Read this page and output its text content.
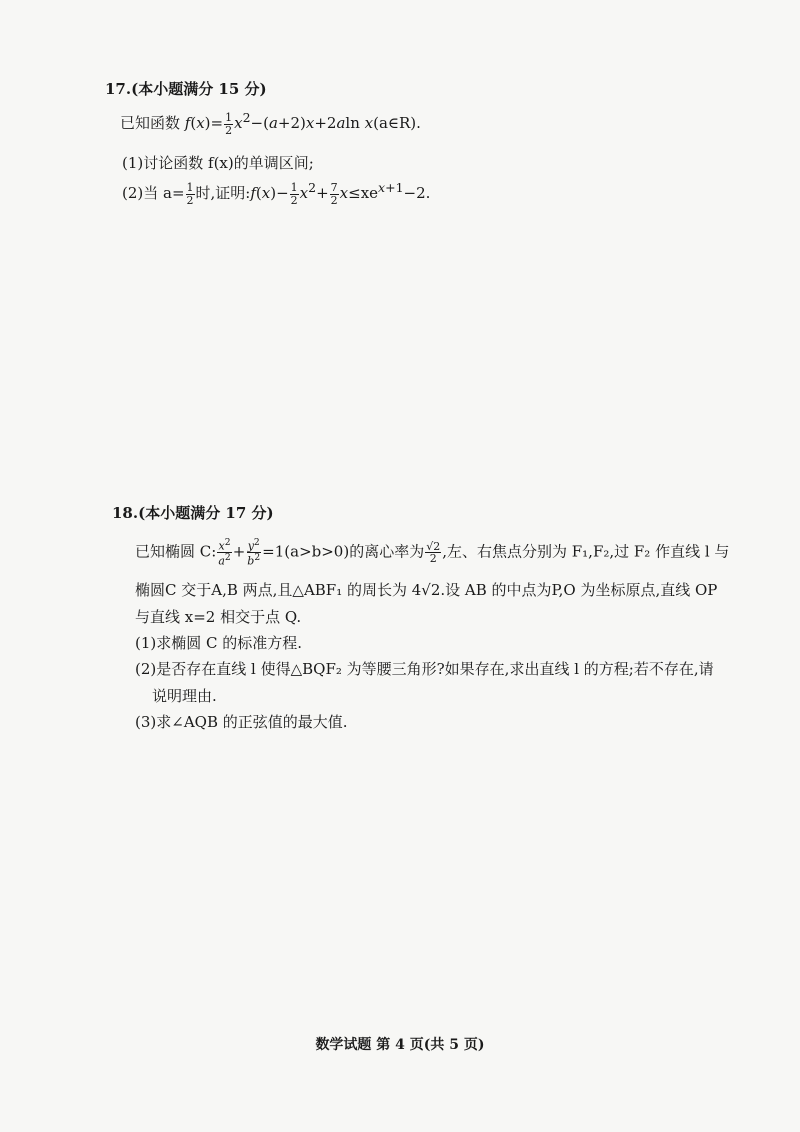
17.(本小题满分 15 分)
已知函数 $f(x)= \frac{1}{2} x^2-(a+2)x+2aln$ x(a∈R).
(1)讨论函数 f(x)的单调区间;
(2)当 $a= \frac{1}{2}$ 时,证明:f(x)− $\frac{1}{2} x^2+ \frac{7}{2} x\le xe^{x+1}-2$.
18.(本小题满分 17 分)
已知椭圆 C: $\frac{x^2}{a^2} + \frac{y^2}{b^2} =1(a>b>0)$的离心率为 $\frac{√2}{2}$ ,左、右焦点分别为 F₁,F₂,过 F₂ 作直线 l 与
椭圆C 交于A,B 两点,且△ABF₁ 的周长为 4√2.设 AB 的中点为P,O 为坐标原点,直线 OP
与直线 x=2 相交于点 Q.
(1)求椭圆 C 的标准方程.
(2)是否存在直线 l 使得△BQF₂ 为等腰三角形?如果存在,求出直线 l 的方程;若不存在,请
说明理由.
(3)求∠AQB 的正弦值的最大值.
数学试题 第 4 页(共 5 页)
